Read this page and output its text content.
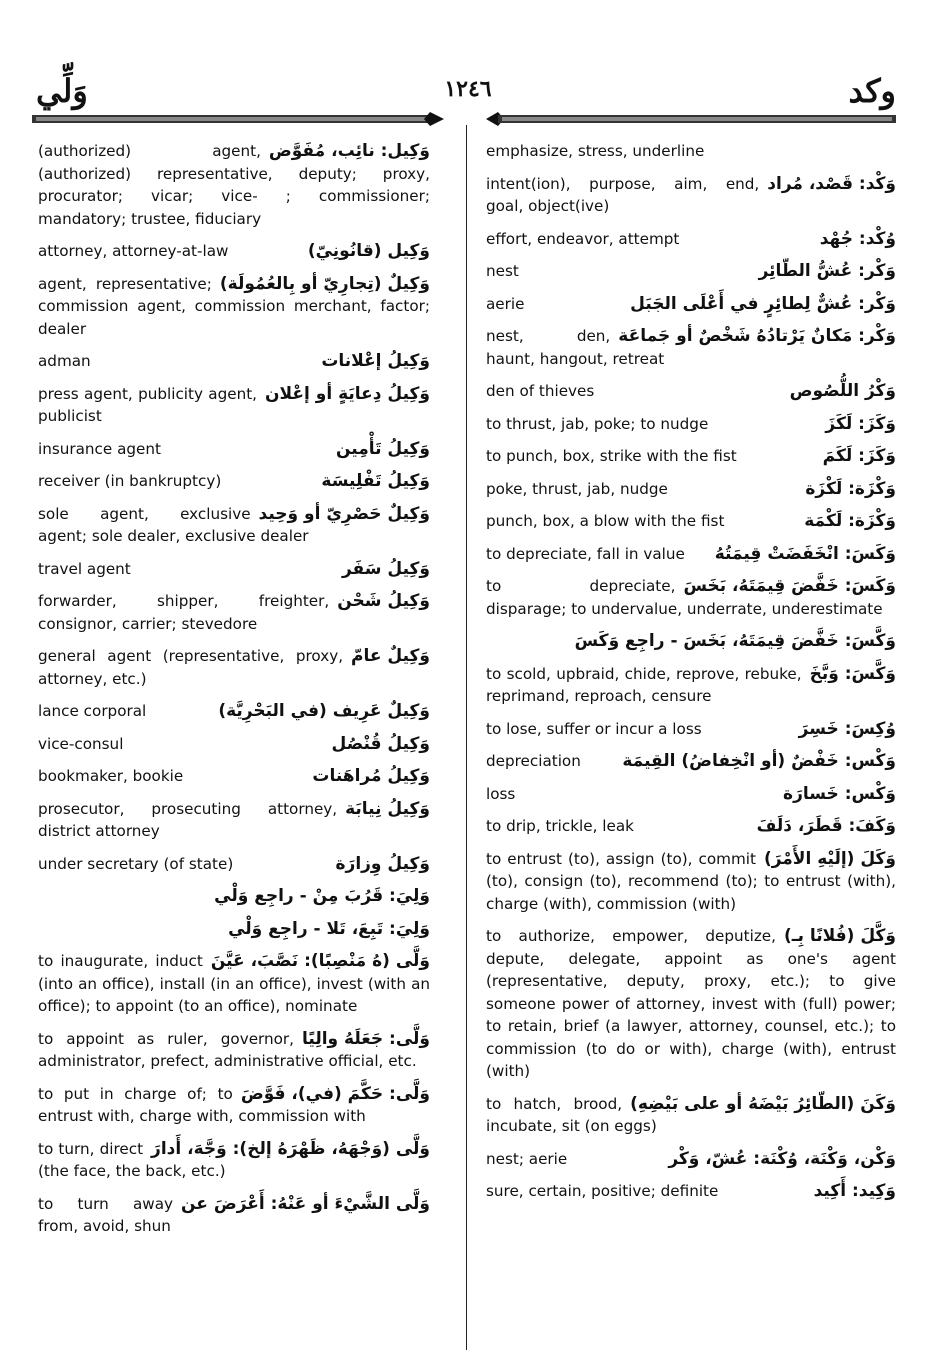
وَلِّي	١٢٤٦	وكد
وَكِيل: نائِب، مُفَوَّض
(authorized) agent, (authorized) representative, deputy; proxy, procurator; vicar; vice- ; commissioner; mandatory; trustee, fiduciary
وَكِيل (قانُونِيّ)
attorney, attorney-at-law
وَكِيلٌ (تِجارِيّ أو بِالعُمُولَة)
agent, representative; commission agent, commission merchant, factor; dealer
وَكِيلُ إعْلانات
adman
وَكِيلُ دِعايَةٍ أو إعْلان
press agent, publicity agent, publicist
وَكِيلُ تَأْمِين
insurance agent
وَكِيلُ تَفْلِيسَة
receiver (in bankruptcy)
وَكِيلٌ حَصْرِيّ أو وَحِيد
sole agent, exclusive agent; sole dealer, exclusive dealer
وَكِيلُ سَفَر
travel agent
وَكِيلُ شَحْن
forwarder, shipper, freighter, consignor, carrier; stevedore
وَكِيلٌ عامّ
general agent (representative, proxy, attorney, etc.)
وَكِيلٌ عَرِيف (في البَحْرِيَّة)
lance corporal
وَكِيلُ قُنْصُل
vice-consul
وَكِيلُ مُراهَنات
bookmaker, bookie
وَكِيلُ نِيابَة
prosecutor, prosecuting attorney, district attorney
وَكِيلُ وِزارَة
under secretary (of state)
وَلِيَ: قَرُبَ مِنْ - راجِع وَلْي
وَلِيَ: تَبِعَ، تَلا - راجِع وَلْي
وَلَّى (هُ مَنْصِبًا): نَصَّبَ، عَيَّنَ
to inaugurate, induct (into an office), install (in an office), invest (with an office); to appoint (to an office), nominate
وَلَّى: جَعَلَهُ والِيًا
to appoint as ruler, governor, administrator, prefect, administrative official, etc.
وَلَّى: حَكَّمَ (في)، فَوَّضَ
to put in charge of; to entrust with, charge with, commission with
وَلَّى (وَجْهَهُ، ظَهْرَهُ إلخ): وَجَّهَ، أَدارَ
to turn, direct (the face, the back, etc.)
وَلَّى الشَّيْءَ أو عَنْهُ: أَعْرَضَ عن
to turn away from, avoid, shun
emphasize, stress, underline
وَكْد: قَصْد، مُراد
intent(ion), purpose, aim, end, goal, object(ive)
وُكْد: جُهْد
effort, endeavor, attempt
وَكْر: عُشُّ الطّائِر
nest
وَكْر: عُشٌّ لِطائِرٍ في أَعْلَى الجَبَل
aerie
وَكْر: مَكانٌ يَرْتادُهُ شَخْصٌ أو جَماعَة
nest, den, haunt, hangout, retreat
وَكْرُ اللُّصُوص
den of thieves
وَكَزَ: لَكَزَ
to thrust, jab, poke; to nudge
وَكَزَ: لَكَمَ
to punch, box, strike with the fist
وَكْزَة: لَكْزَة
poke, thrust, jab, nudge
وَكْزَة: لَكْمَة
punch, box, a blow with the fist
وَكَسَ: انْخَفَضَتْ قِيمَتُهُ
to depreciate, fall in value
وَكَسَ: خَفَّضَ قِيمَتَهُ، بَخَسَ
to depreciate, disparage; to undervalue, underrate, underestimate
وَكَّسَ: خَفَّضَ قِيمَتَهُ، بَخَسَ - راجِع وَكَسَ
وَكَّسَ: وَبَّخَ
to scold, upbraid, chide, reprove, rebuke, reprimand, reproach, censure
وُكِسَ: خَسِرَ
to lose, suffer or incur a loss
وَكْس: خَفْضٌ (أو انْخِفاضُ) القِيمَة
depreciation
وَكْس: خَسارَة
loss
وَكَفَ: قَطَرَ، دَلَفَ
to drip, trickle, leak
وَكَلَ (إلَيْهِ الأَمْرَ)
to entrust (to), assign (to), commit (to), consign (to), recommend (to); to entrust (with), charge (with), commission (with)
وَكَّلَ (فُلانًا بِـ)
to authorize, empower, deputize, depute, delegate, appoint as one's agent (representative, deputy, proxy, etc.); to give someone power of attorney, invest with (full) power; to retain, brief (a lawyer, attorney, counsel, etc.); to commission (to do or with), charge (with), entrust (with)
وَكَنَ (الطّائِرُ بَيْضَهُ أو على بَيْضِهِ)
to hatch, brood, incubate, sit (on eggs)
وَكْن، وَكْنَة، وُكْنَة: عُشّ، وَكْر
nest; aerie
وَكِيد: أَكِيد
sure, certain, positive; definite
